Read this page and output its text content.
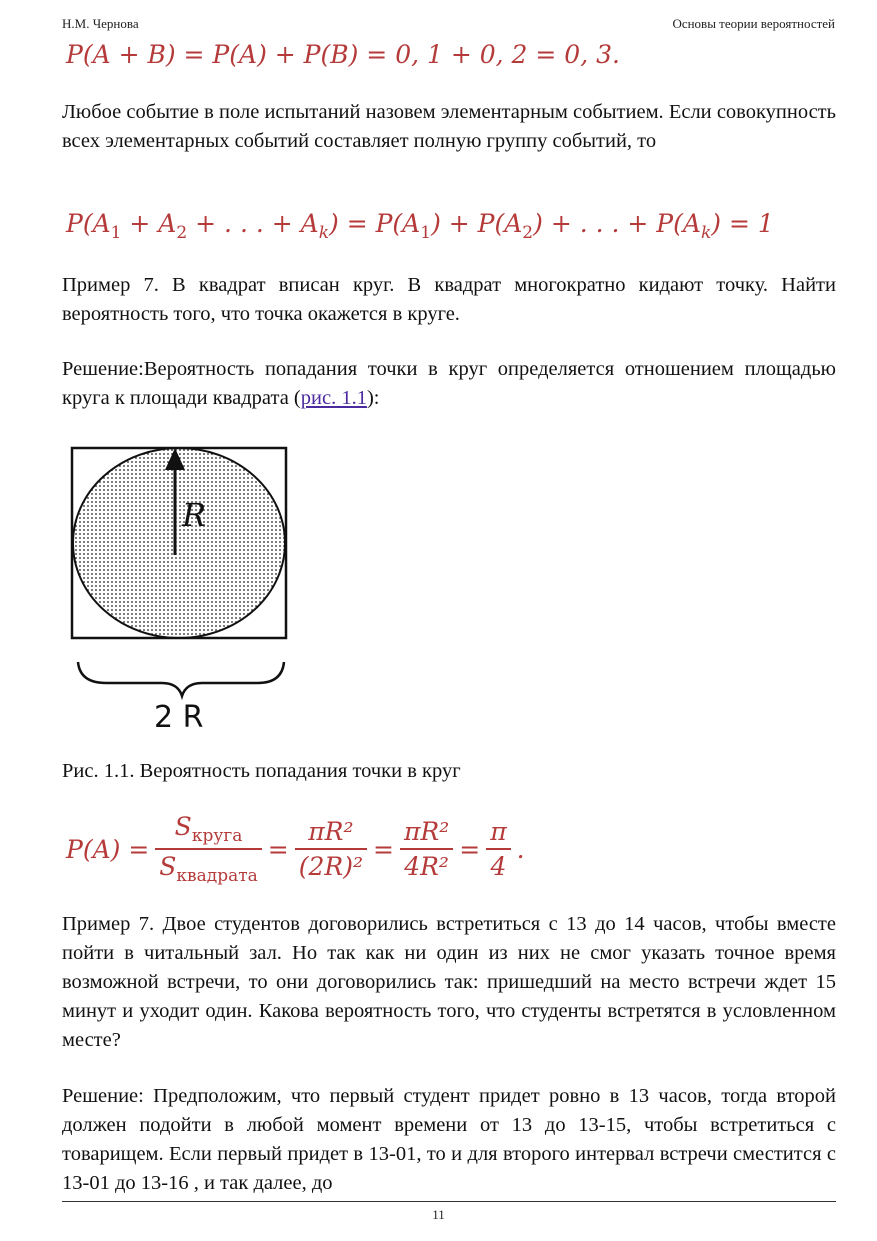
Н.М. Чернова	Основы теории вероятностей
P(A + B) = P(A) + P(B) = 0, 1 + 0, 2 = 0, 3.
Любое событие в поле испытаний назовем элементарным событием. Если совокупность всех элементарных событий составляет полную группу событий, то
$P(A_1 + A_2$ + . . . + $A_k) = P(A_1) + P(A_2)$ + . . . + $P(A_k) = 1$
Пример 7. В квадрат вписан круг. В квадрат многократно кидают точку. Найти вероятность того, что точка окажется в круге.
Решение:Вероятность попадания точки в круг определяется отношением площадью круга к площади квадрата (рис. 1.1):
R
2 R
Рис. 1.1. Вероятность попадания точки в круг
$P(A) = \frac{S_{круга}}{S_{квадрата}} = \frac{\text{πR²}}{\text{(2R)²}} = \frac{\text{πR²}}{\text{4R²}} = \frac{\pi}{4}$ .
Пример 7. Двое студентов договорились встретиться с 13 до 14 часов, чтобы вместе пойти в читальный зал. Но так как ни один из них не смог указать точное время возможной встречи, то они договорились так: пришедший на место встречи ждет 15 минут и уходит один. Какова вероятность того, что студенты встретятся в условленном месте?
Решение: Предположим, что первый студент придет ровно в 13 часов, тогда второй должен подойти в любой момент времени от 13 до 13-15, чтобы встретиться с товарищем. Если первый придет в 13-01, то и для второго интервал встречи сместится с 13-01 до 13-16 , и так далее, до
11
